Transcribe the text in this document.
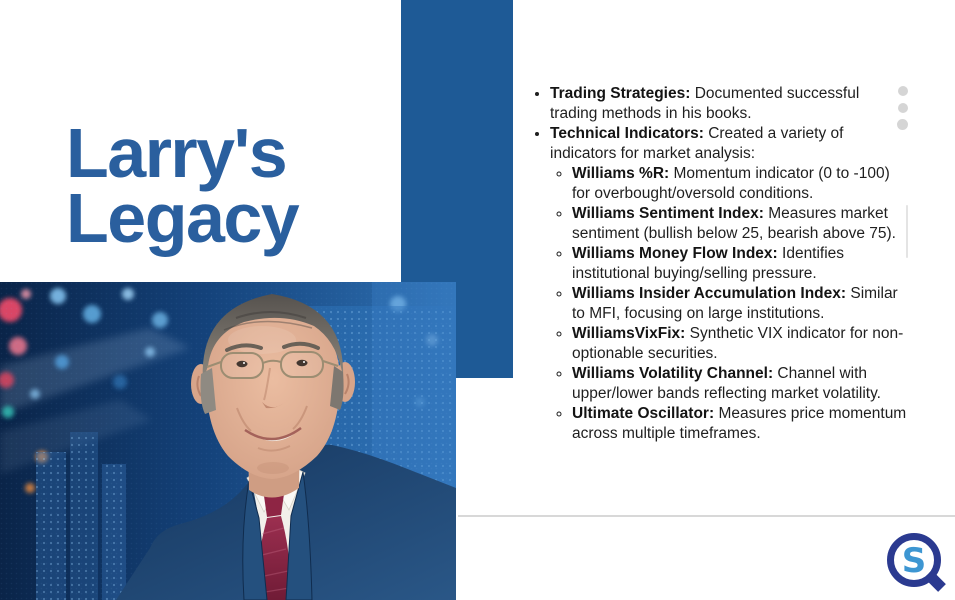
Larry's Legacy
• Trading Strategies: Documented successful trading methods in his books.
• Technical Indicators: Created a variety of indicators for market analysis:
◦ Williams %R: Momentum indicator (0 to -100) for overbought/oversold conditions.
◦ Williams Sentiment Index: Measures market sentiment (bullish below 25, bearish above 75).
◦ Williams Money Flow Index: Identifies institutional buying/selling pressure.
◦ Williams Insider Accumulation Index: Similar to MFI, focusing on large institutions.
◦ WilliamsVixFix: Synthetic VIX indicator for non-optionable securities.
◦ Williams Volatility Channel: Channel with upper/lower bands reflecting market volatility.
◦ Ultimate Oscillator: Measures price momentum across multiple timeframes.
S
